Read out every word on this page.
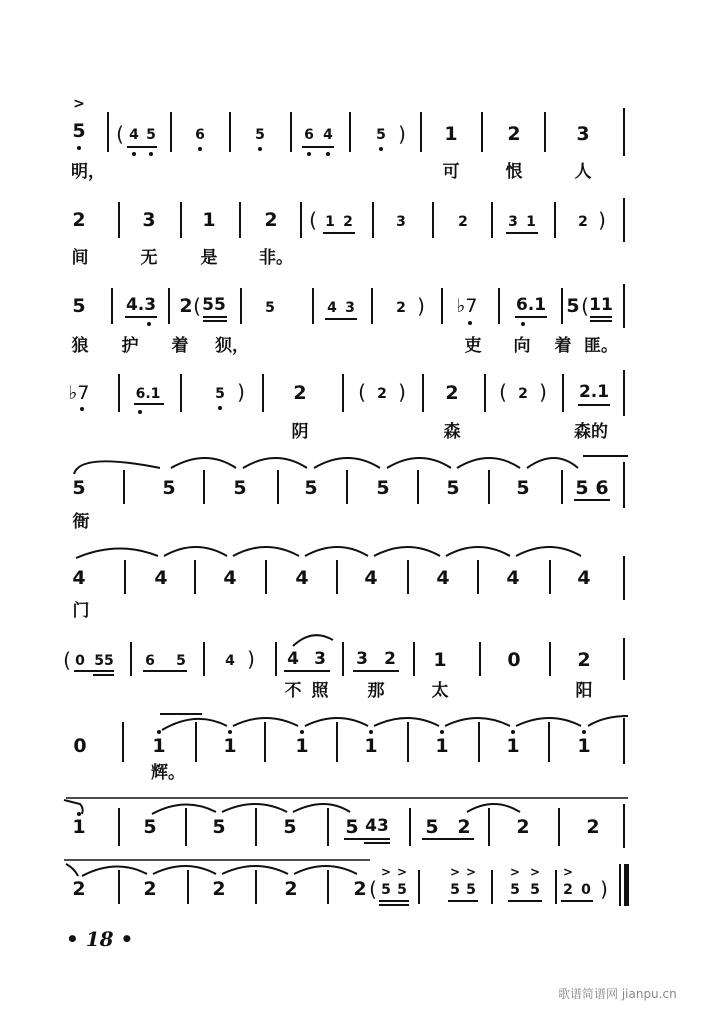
>
5 ( 4 5	6	5	6 4	5 ) 1	2	3
明，	可	恨	人
2	3 1	2 ( 1 2	3	2	3 1	2 )
间	无	是 非。
5 4.3 2 ( 55	5	4 3	2 ) ♭7 6.1 5 ( 11
狼 护 着 狈，	吏 向 着 匪。
♭7	6.1	5 )	2	( 2 ) 2 ( 2 ) 2.1
阴	森	森的
5	5	5	5	5	5	5 5 6
衙
4	4	4	4	4	4	4	4
门
( 0 55 6 5	4 ) 4 3 3 2 1	0	2
不 照 那	太	阳
0	1	1	1	1	1	1	1
辉。
1	5	5	5	5 43 5 2 2	2
2	2	2	2	2 (
> >
5 5
> >
5 5
> >
5 5
>
2 0 )
• 18 •
歌谱简谱网 jianpu.cn
